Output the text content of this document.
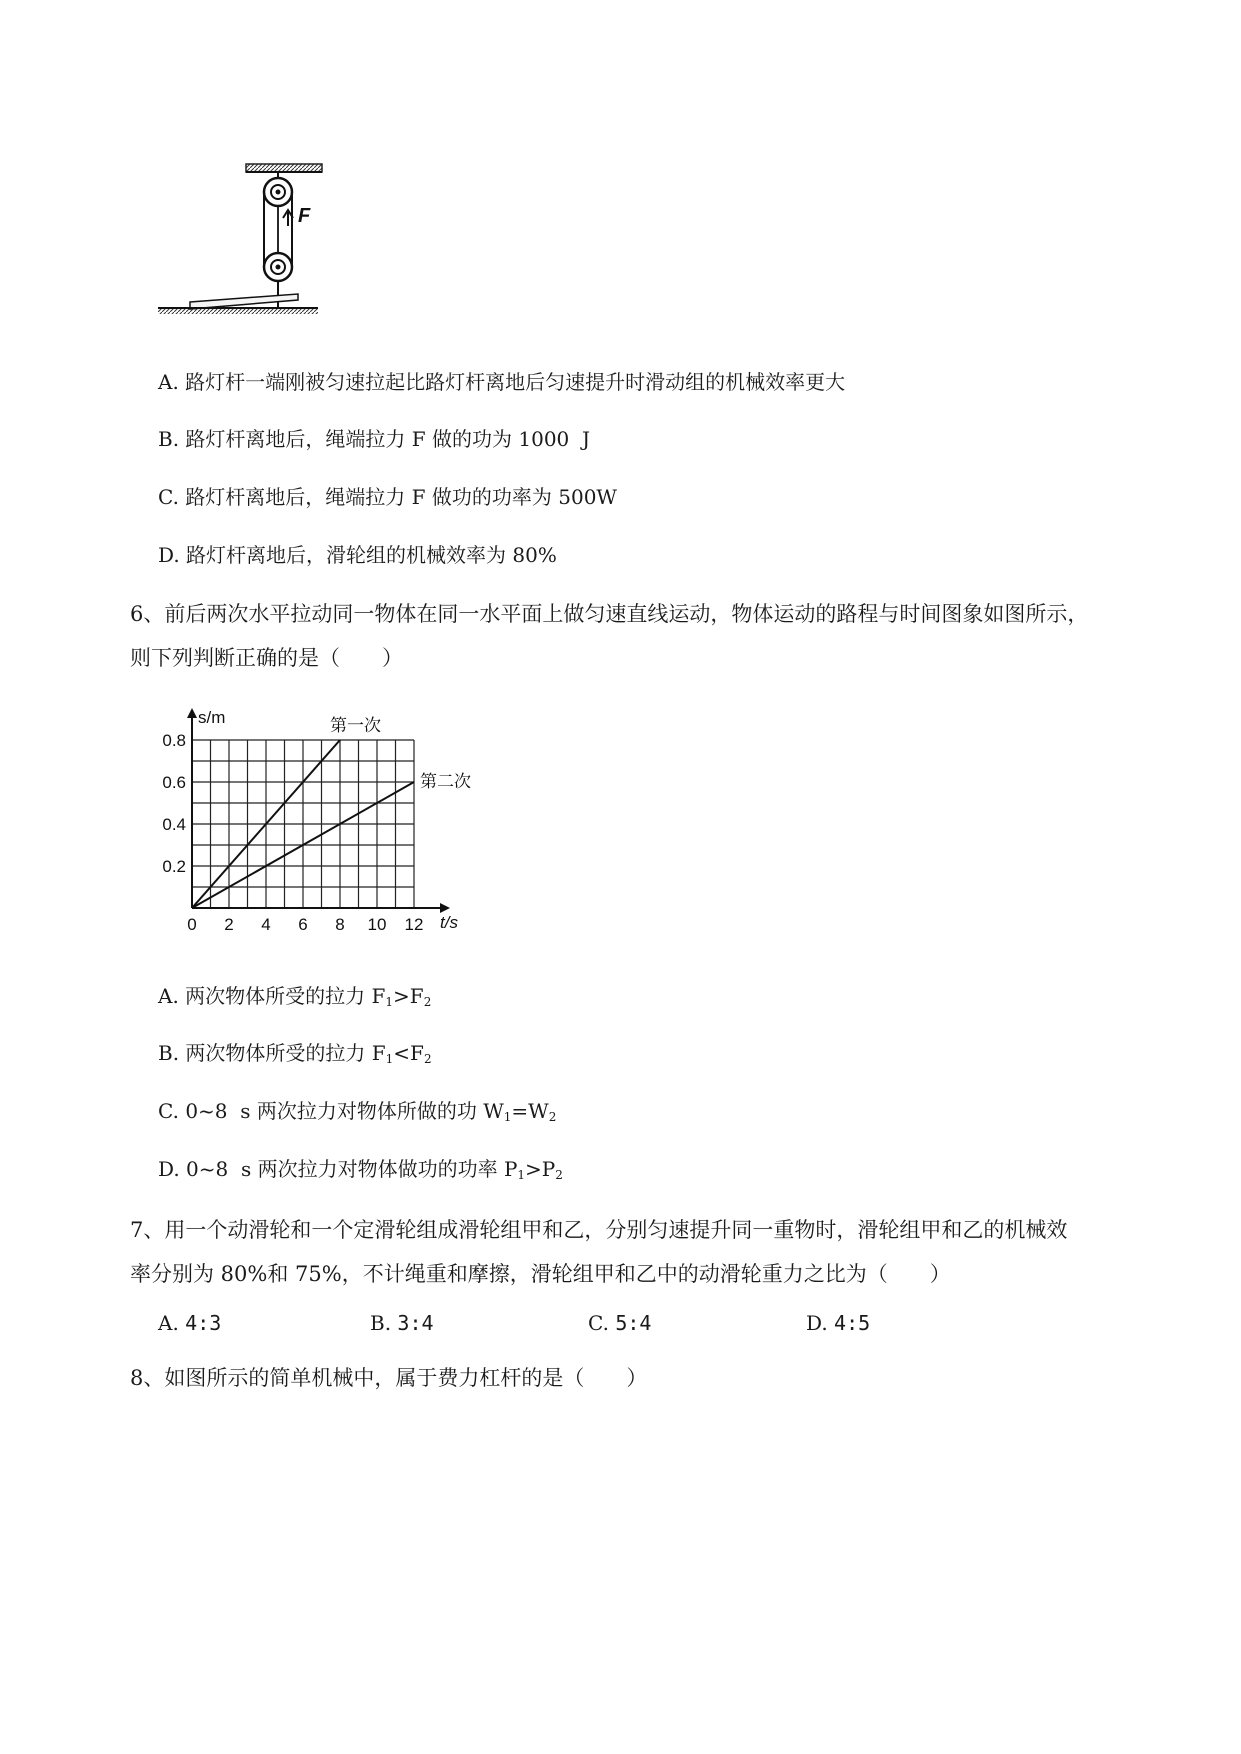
F
A. 路灯杆一端刚被匀速拉起比路灯杆离地后匀速提升时滑动组的机械效率更大
B. 路灯杆离地后，绳端拉力 F 做的功为 1000  J
C. 路灯杆离地后，绳端拉力 F 做功的功率为 500W
D. 路灯杆离地后，滑轮组的机械效率为 80%
6、前后两次水平拉动同一物体在同一水平面上做匀速直线运动，物体运动的路程与时间图象如图所示，
则下列判断正确的是（　　）
0 2 4 6 8 10 12
0.2
0.4
0.6
0.8
s/m
t/s
第一次
第二次
A. 两次物体所受的拉力 $F_1>F_2$
B. 两次物体所受的拉力 $F_1<F_2$
C. 0~8  s 两次拉力对物体所做的功 $W_1=W_2$
D. 0~8  s 两次拉力对物体做功的功率 $P_1>P_2$
7、用一个动滑轮和一个定滑轮组成滑轮组甲和乙，分别匀速提升同一重物时，滑轮组甲和乙的机械效
率分别为 80%和 75%，不计绳重和摩擦，滑轮组甲和乙中的动滑轮重力之比为（　　）
A. 4:3	B. 3:4	C. 5:4	D. 4:5
8、如图所示的简单机械中，属于费力杠杆的是（　　）
